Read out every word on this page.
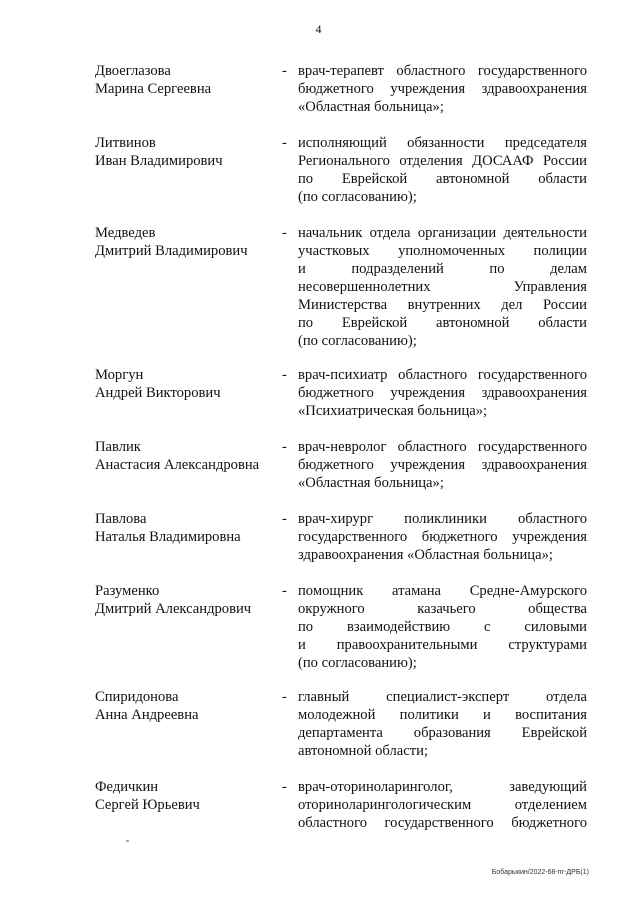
4
Двоеглазова
Марина Сергеевна
- врач-терапевт областного государственного
бюджетного учреждения здравоохранения
«Областная больница»;
Литвинов
Иван Владимирович
- исполняющий обязанности председателя
Регионального отделения ДОСААФ России
по Еврейской автономной области
(по согласованию);
Медведев
Дмитрий Владимирович
- начальник отдела организации деятельности
участковых уполномоченных полиции
и подразделений по делам
несовершеннолетних Управления
Министерства внутренних дел России
по Еврейской автономной области
(по согласованию);
Моргун
Андрей Викторович
- врач-психиатр областного государственного
бюджетного учреждения здравоохранения
«Психиатрическая больница»;
Павлик
Анастасия Александровна
- врач-невролог областного государственного
бюджетного учреждения здравоохранения
«Областная больница»;
Павлова
Наталья Владимировна
- врач-хирург поликлиники областного
государственного бюджетного учреждения
здравоохранения «Областная больница»;
Разуменко
Дмитрий Александрович
- помощник атамана Средне-Амурского
окружного казачьего общества
по взаимодействию с силовыми
и правоохранительными структурами
(по согласованию);
Спиридонова
Анна Андреевна
- главный специалист-эксперт отдела
молодежной политики и воспитания
департамента образования Еврейской
автономной области;
Федичкин
Сергей Юрьевич
- врач-оториноларинголог, заведующий
оториноларингологическим отделением
областного государственного бюджетного
Бобарыкин/2022-68-пг-ДРБ(1)
